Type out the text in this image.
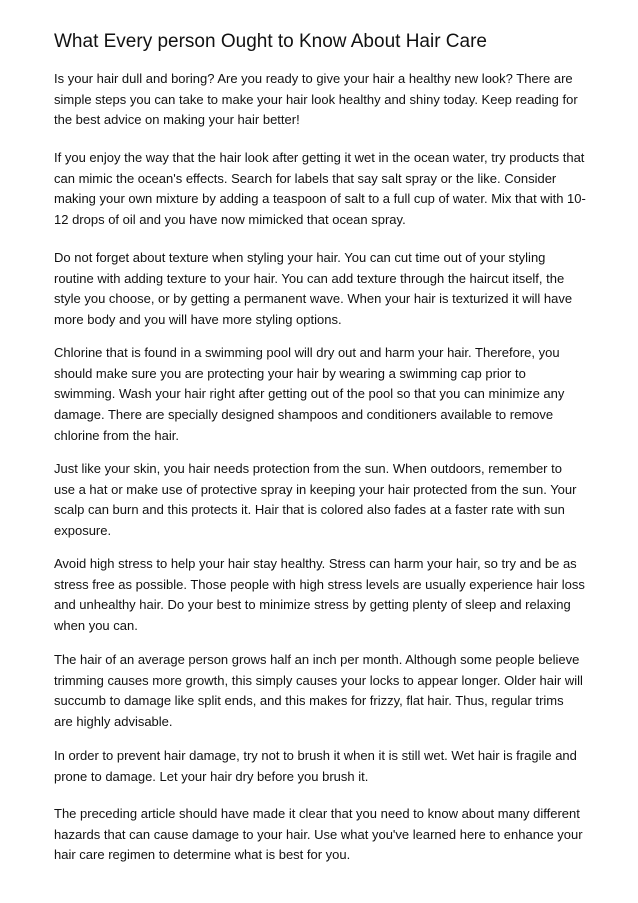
What Every person Ought to Know About Hair Care

Is your hair dull and boring? Are you ready to give your hair a healthy new look? There are simple steps you can take to make your hair look healthy and shiny today. Keep reading for the best advice on making your hair better!

If you enjoy the way that the hair look after getting it wet in the ocean water, try products that can mimic the ocean's effects. Search for labels that say salt spray or the like. Consider making your own mixture by adding a teaspoon of salt to a full cup of water. Mix that with 10-12 drops of oil and you have now mimicked that ocean spray.

Do not forget about texture when styling your hair. You can cut time out of your styling routine with adding texture to your hair. You can add texture through the haircut itself, the style you choose, or by getting a permanent wave. When your hair is texturized it will have more body and you will have more styling options.

Chlorine that is found in a swimming pool will dry out and harm your hair. Therefore, you should make sure you are protecting your hair by wearing a swimming cap prior to swimming. Wash your hair right after getting out of the pool so that you can minimize any damage. There are specially designed shampoos and conditioners available to remove chlorine from the hair.

Just like your skin, you hair needs protection from the sun. When outdoors, remember to use a hat or make use of protective spray in keeping your hair protected from the sun. Your scalp can burn and this protects it. Hair that is colored also fades at a faster rate with sun exposure.

Avoid high stress to help your hair stay healthy. Stress can harm your hair, so try and be as stress free as possible. Those people with high stress levels are usually experience hair loss and unhealthy hair. Do your best to minimize stress by getting plenty of sleep and relaxing when you can.

The hair of an average person grows half an inch per month. Although some people believe trimming causes more growth, this simply causes your locks to appear longer. Older hair will succumb to damage like split ends, and this makes for frizzy, flat hair. Thus, regular trims are highly advisable.

In order to prevent hair damage, try not to brush it when it is still wet. Wet hair is fragile and prone to damage. Let your hair dry before you brush it.

The preceding article should have made it clear that you need to know about many different hazards that can cause damage to your hair. Use what you've learned here to enhance your hair care regimen to determine what is best for you.
